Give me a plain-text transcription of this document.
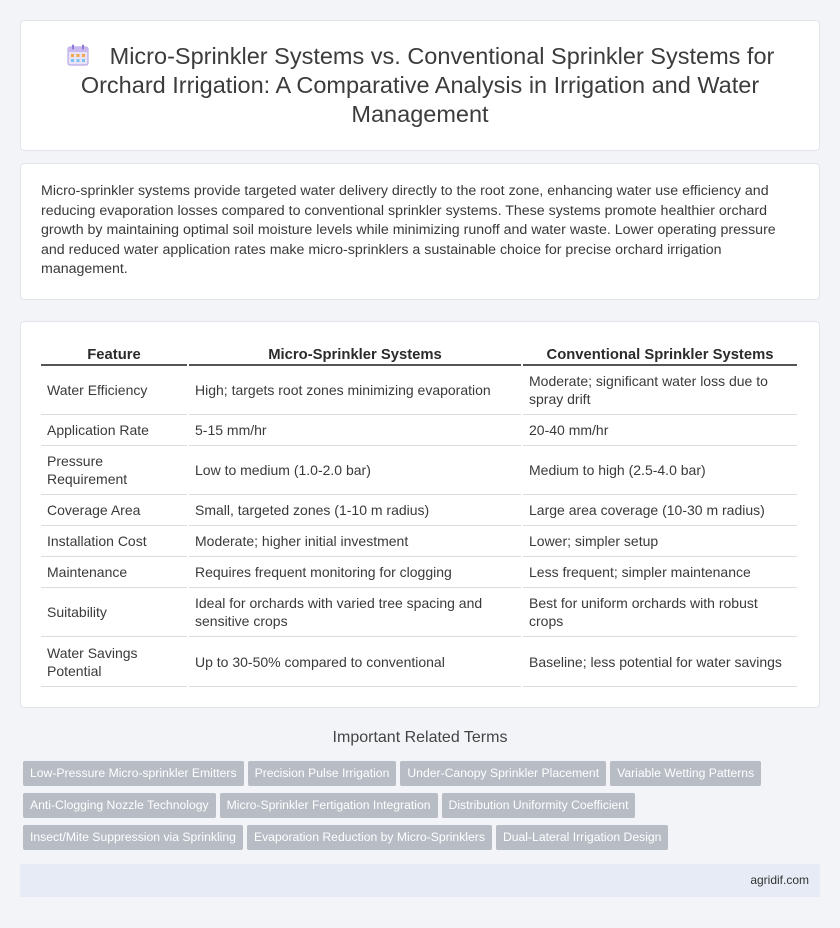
Micro-Sprinkler Systems vs. Conventional Sprinkler Systems for Orchard Irrigation: A Comparative Analysis in Irrigation and Water Management

Micro-sprinkler systems provide targeted water delivery directly to the root zone, enhancing water use efficiency and reducing evaporation losses compared to conventional sprinkler systems. These systems promote healthier orchard growth by maintaining optimal soil moisture levels while minimizing runoff and water waste. Lower operating pressure and reduced water application rates make micro-sprinklers a sustainable choice for precise orchard irrigation management.

Feature	Micro-Sprinkler Systems	Conventional Sprinkler Systems
Water Efficiency	High; targets root zones minimizing evaporation	Moderate; significant water loss due to spray drift
Application Rate	5-15 mm/hr	20-40 mm/hr
Pressure Requirement	Low to medium (1.0-2.0 bar)	Medium to high (2.5-4.0 bar)
Coverage Area	Small, targeted zones (1-10 m radius)	Large area coverage (10-30 m radius)
Installation Cost	Moderate; higher initial investment	Lower; simpler setup
Maintenance	Requires frequent monitoring for clogging	Less frequent; simpler maintenance
Suitability	Ideal for orchards with varied tree spacing and sensitive crops	Best for uniform orchards with robust crops
Water Savings Potential	Up to 30-50% compared to conventional	Baseline; less potential for water savings
Important Related Terms
Low-Pressure Micro-sprinkler Emitters Precision Pulse Irrigation Under-Canopy Sprinkler Placement Variable Wetting Patterns
Anti-Clogging Nozzle Technology Micro-Sprinkler Fertigation Integration Distribution Uniformity Coefficient
Insect/Mite Suppression via Sprinkling Evaporation Reduction by Micro-Sprinklers Dual-Lateral Irrigation Design
agridif.com
